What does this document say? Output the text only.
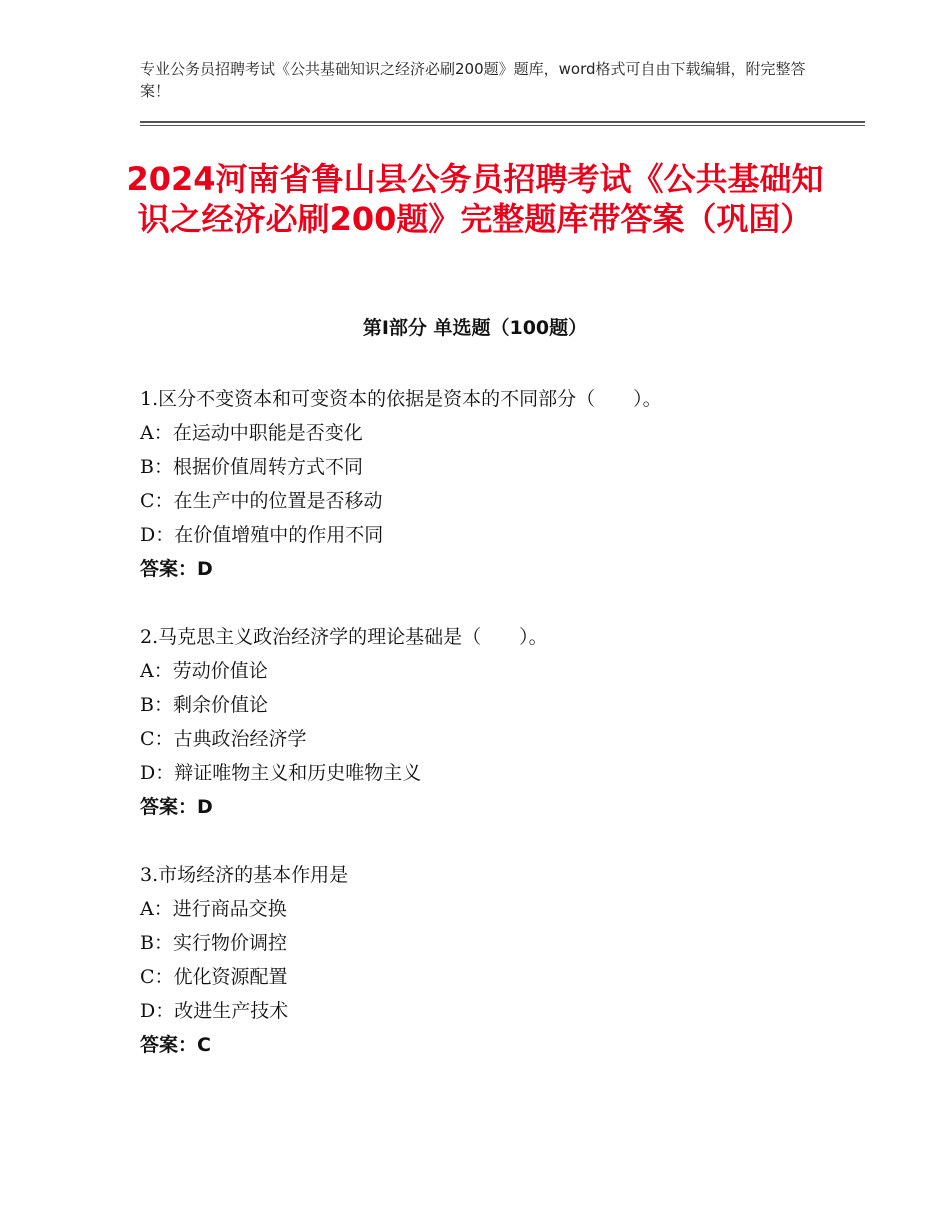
专业公务员招聘考试《公共基础知识之经济必刷200题》题库，word格式可自由下载编辑，附完整答案！
2024河南省鲁山县公务员招聘考试《公共基础知识之经济必刷200题》完整题库带答案（巩固）
第Ⅰ部分 单选题（100题）
1.区分不变资本和可变资本的依据是资本的不同部分（　　）。
A：在运动中职能是否变化
B：根据价值周转方式不同
C：在生产中的位置是否移动
D：在价值增殖中的作用不同
答案：D
2.马克思主义政治经济学的理论基础是（　　）。
A：劳动价值论
B：剩余价值论
C：古典政治经济学
D：辩证唯物主义和历史唯物主义
答案：D
3.市场经济的基本作用是
A：进行商品交换
B：实行物价调控
C：优化资源配置
D：改进生产技术
答案：C
